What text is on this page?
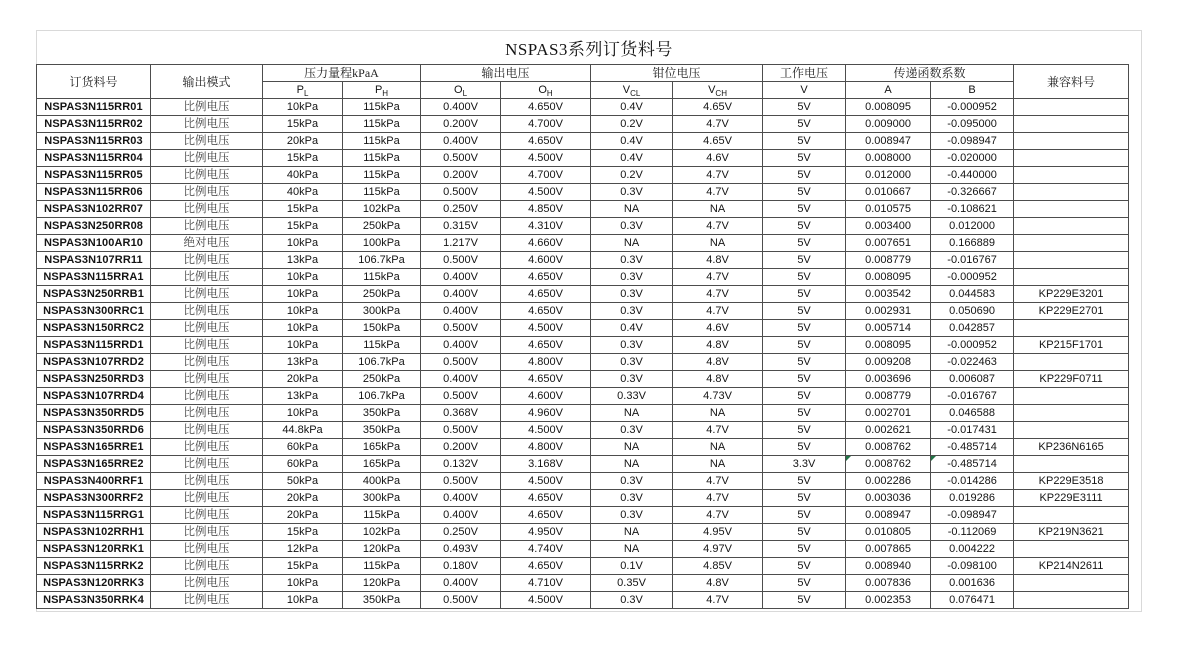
NSPAS3系列订货料号
订货料号	输出模式	压力量程kPaA		输出电压		钳位电压		工作电压	传递函数系数		兼容料号
		$P_L$	$P_H$	$O_L$	$O_H$	$V_{CL}$	$V_{CH}$	V	A	B	
NSPAS3N115RR01	比例电压	10kPa	115kPa	0.400V	4.650V	0.4V	4.65V	5V	0.008095	-0.000952	
NSPAS3N115RR02	比例电压	15kPa	115kPa	0.200V	4.700V	0.2V	4.7V	5V	0.009000	-0.095000	
NSPAS3N115RR03	比例电压	20kPa	115kPa	0.400V	4.650V	0.4V	4.65V	5V	0.008947	-0.098947	
NSPAS3N115RR04	比例电压	15kPa	115kPa	0.500V	4.500V	0.4V	4.6V	5V	0.008000	-0.020000	
NSPAS3N115RR05	比例电压	40kPa	115kPa	0.200V	4.700V	0.2V	4.7V	5V	0.012000	-0.440000	
NSPAS3N115RR06	比例电压	40kPa	115kPa	0.500V	4.500V	0.3V	4.7V	5V	0.010667	-0.326667	
NSPAS3N102RR07	比例电压	15kPa	102kPa	0.250V	4.850V	NA	NA	5V	0.010575	-0.108621	
NSPAS3N250RR08	比例电压	15kPa	250kPa	0.315V	4.310V	0.3V	4.7V	5V	0.003400	0.012000	
NSPAS3N100AR10	绝对电压	10kPa	100kPa	1.217V	4.660V	NA	NA	5V	0.007651	0.166889	
NSPAS3N107RR11	比例电压	13kPa	106.7kPa	0.500V	4.600V	0.3V	4.8V	5V	0.008779	-0.016767	
NSPAS3N115RRA1	比例电压	10kPa	115kPa	0.400V	4.650V	0.3V	4.7V	5V	0.008095	-0.000952	
NSPAS3N250RRB1	比例电压	10kPa	250kPa	0.400V	4.650V	0.3V	4.7V	5V	0.003542	0.044583	KP229E3201
NSPAS3N300RRC1	比例电压	10kPa	300kPa	0.400V	4.650V	0.3V	4.7V	5V	0.002931	0.050690	KP229E2701
NSPAS3N150RRC2	比例电压	10kPa	150kPa	0.500V	4.500V	0.4V	4.6V	5V	0.005714	0.042857	
NSPAS3N115RRD1	比例电压	10kPa	115kPa	0.400V	4.650V	0.3V	4.8V	5V	0.008095	-0.000952	KP215F1701
NSPAS3N107RRD2	比例电压	13kPa	106.7kPa	0.500V	4.800V	0.3V	4.8V	5V	0.009208	-0.022463	
NSPAS3N250RRD3	比例电压	20kPa	250kPa	0.400V	4.650V	0.3V	4.8V	5V	0.003696	0.006087	KP229F0711
NSPAS3N107RRD4	比例电压	13kPa	106.7kPa	0.500V	4.600V	0.33V	4.73V	5V	0.008779	-0.016767	
NSPAS3N350RRD5	比例电压	10kPa	350kPa	0.368V	4.960V	NA	NA	5V	0.002701	0.046588	
NSPAS3N350RRD6	比例电压	44.8kPa	350kPa	0.500V	4.500V	0.3V	4.7V	5V	0.002621	-0.017431	
NSPAS3N165RRE1	比例电压	60kPa	165kPa	0.200V	4.800V	NA	NA	5V	0.008762	-0.485714	KP236N6165
NSPAS3N165RRE2	比例电压	60kPa	165kPa	0.132V	3.168V	NA	NA	3.3V	0.008762	-0.485714	
NSPAS3N400RRF1	比例电压	50kPa	400kPa	0.500V	4.500V	0.3V	4.7V	5V	0.002286	-0.014286	KP229E3518
NSPAS3N300RRF2	比例电压	20kPa	300kPa	0.400V	4.650V	0.3V	4.7V	5V	0.003036	0.019286	KP229E3111
NSPAS3N115RRG1	比例电压	20kPa	115kPa	0.400V	4.650V	0.3V	4.7V	5V	0.008947	-0.098947	
NSPAS3N102RRH1	比例电压	15kPa	102kPa	0.250V	4.950V	NA	4.95V	5V	0.010805	-0.112069	KP219N3621
NSPAS3N120RRK1	比例电压	12kPa	120kPa	0.493V	4.740V	NA	4.97V	5V	0.007865	0.004222	
NSPAS3N115RRK2	比例电压	15kPa	115kPa	0.180V	4.650V	0.1V	4.85V	5V	0.008940	-0.098100	KP214N2611
NSPAS3N120RRK3	比例电压	10kPa	120kPa	0.400V	4.710V	0.35V	4.8V	5V	0.007836	0.001636	
NSPAS3N350RRK4	比例电压	10kPa	350kPa	0.500V	4.500V	0.3V	4.7V	5V	0.002353	0.076471	
